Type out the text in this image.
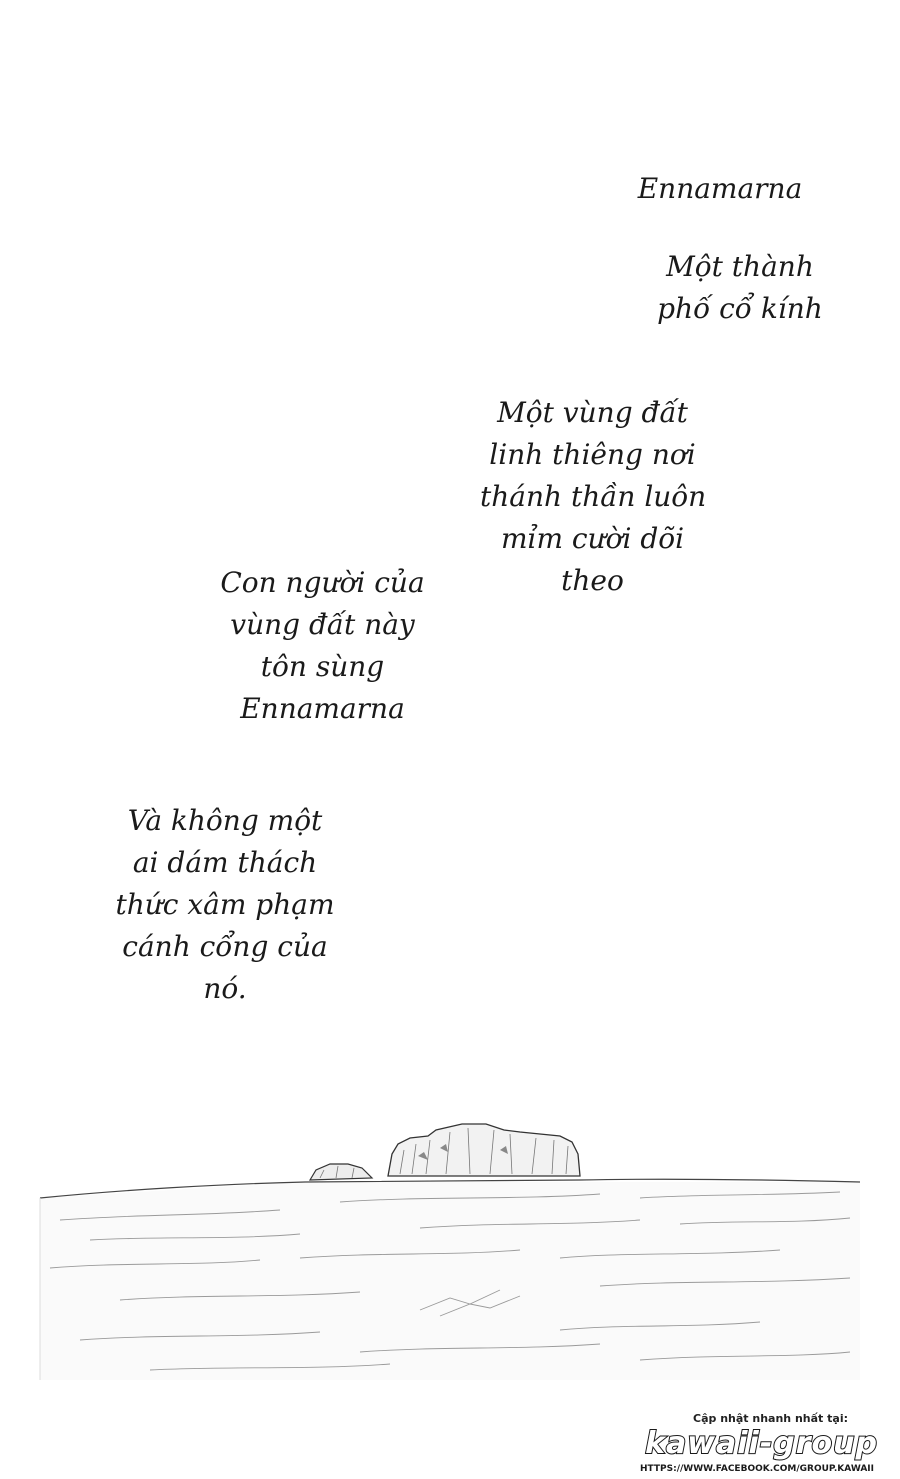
Ennamarna
Một thành
phố cổ kính
Một vùng đất
linh thiêng nơi
thánh thần luôn
mỉm cười dõi
theo
Con người của
vùng đất này
tôn sùng
Ennamarna
Và không một
ai dám thách
thức xâm phạm
cánh cổng của
nó.
Cập nhật nhanh nhất tại:
kawaii-group
HTTPS://WWW.FACEBOOK.COM/GROUP.KAWAII
